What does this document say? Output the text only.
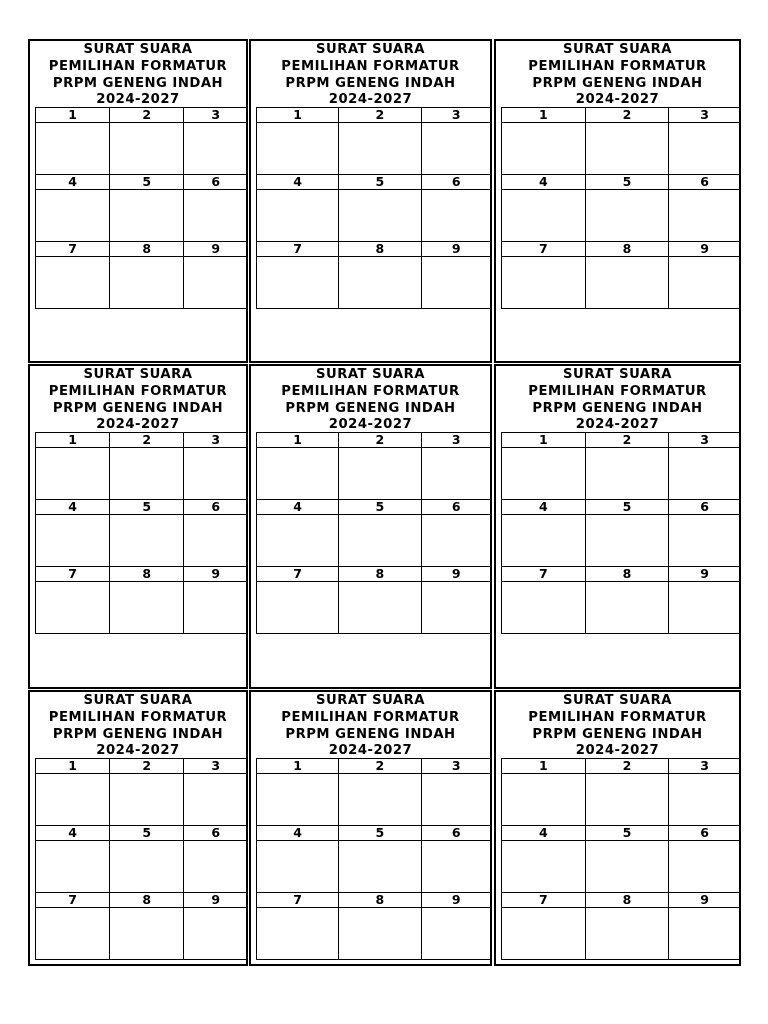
SURAT SUARA
PEMILIHAN FORMATUR
PRPM GENENG INDAH
2024-2027
1	2	3

4	5	6

7	8	9

SURAT SUARA
PEMILIHAN FORMATUR
PRPM GENENG INDAH
2024-2027
1	2	3

4	5	6

7	8	9

SURAT SUARA
PEMILIHAN FORMATUR
PRPM GENENG INDAH
2024-2027
1	2	3

4	5	6

7	8	9

SURAT SUARA
PEMILIHAN FORMATUR
PRPM GENENG INDAH
2024-2027
1	2	3

4	5	6

7	8	9

SURAT SUARA
PEMILIHAN FORMATUR
PRPM GENENG INDAH
2024-2027
1	2	3

4	5	6

7	8	9

SURAT SUARA
PEMILIHAN FORMATUR
PRPM GENENG INDAH
2024-2027
1	2	3

4	5	6

7	8	9

SURAT SUARA
PEMILIHAN FORMATUR
PRPM GENENG INDAH
2024-2027
1	2	3

4	5	6

7	8	9

SURAT SUARA
PEMILIHAN FORMATUR
PRPM GENENG INDAH
2024-2027
1	2	3

4	5	6

7	8	9

SURAT SUARA
PEMILIHAN FORMATUR
PRPM GENENG INDAH
2024-2027
1	2	3

4	5	6

7	8	9
